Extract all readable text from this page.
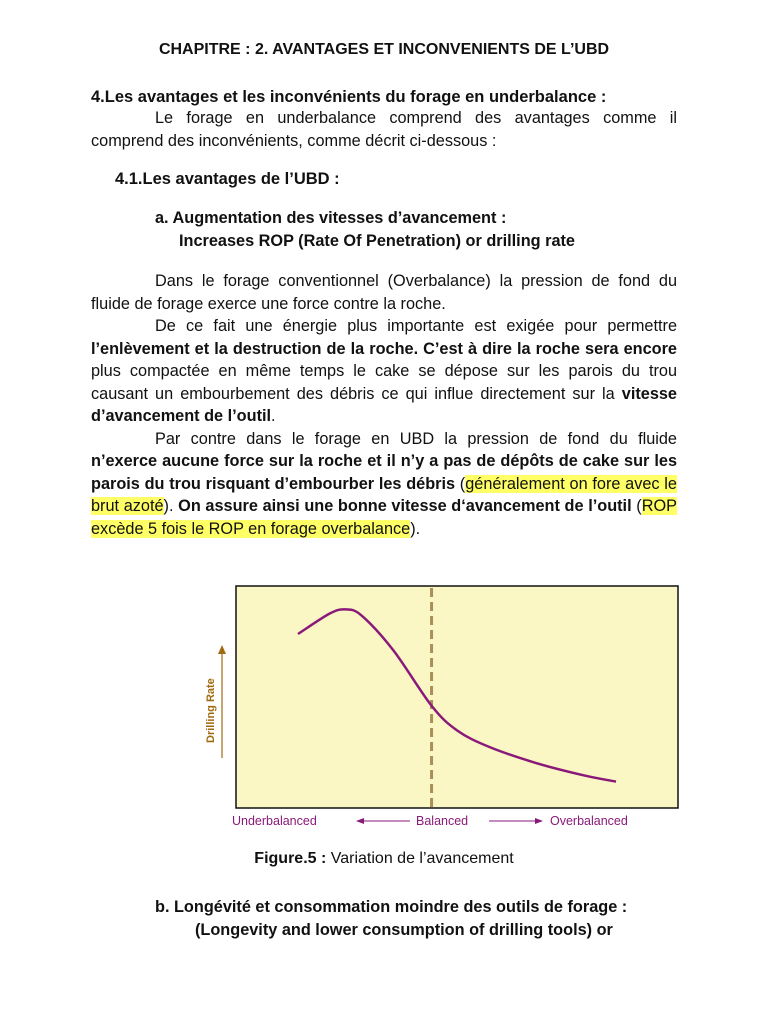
CHAPITRE : 2. AVANTAGES ET INCONVENIENTS DE L’UBD
4.Les avantages et les inconvénients du forage en underbalance :

Le forage en underbalance comprend des avantages comme il comprend des inconvénients, comme décrit ci-dessous :

4.1.Les avantages de l’UBD :
a. Augmentation des vitesses d’avancement :
Increases ROP (Rate Of Penetration) or drilling rate

Dans le forage conventionnel (Overbalance) la pression de fond du fluide de forage exerce une force contre la roche.

De ce fait une énergie plus importante est exigée pour permettre l’enlèvement et la destruction de la roche. C’est à dire la roche sera encore plus compactée en même temps le cake se dépose sur les parois du trou causant un embourbement des débris ce qui influe directement sur la vitesse d’avancement de l’outil.

Par contre dans le forage en UBD la pression de fond du fluide n’exerce aucune force sur la roche et il n’y a pas de dépôts de cake sur les parois du trou risquant d’embourber les débris (généralement on fore avec le brut azoté). On assure ainsi une bonne vitesse d‘avancement de l’outil (ROP excède 5 fois le ROP en forage overbalance).

Drilling Rate
Underbalanced	Balanced	Overbalanced
Figure.5 : Variation de l’avancement
b. Longévité et consommation moindre des outils de forage :
(Longevity and lower consumption of drilling tools) or
